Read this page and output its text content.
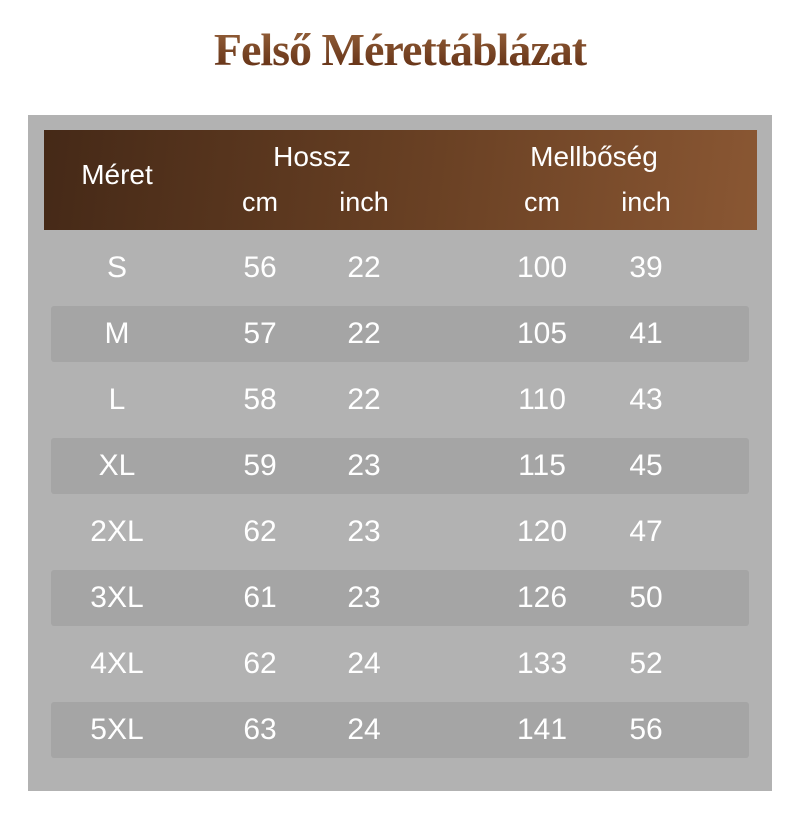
Felső Mérettáblázat
Méret
Hossz
cm	inch
Mellbőség
cm	inch
S	56	22	100	39
M	57	22	105	41
L	58	22	110	43
XL	59	23	115	45
2XL	62	23	120	47
3XL	61	23	126	50
4XL	62	24	133	52
5XL	63	24	141	56
